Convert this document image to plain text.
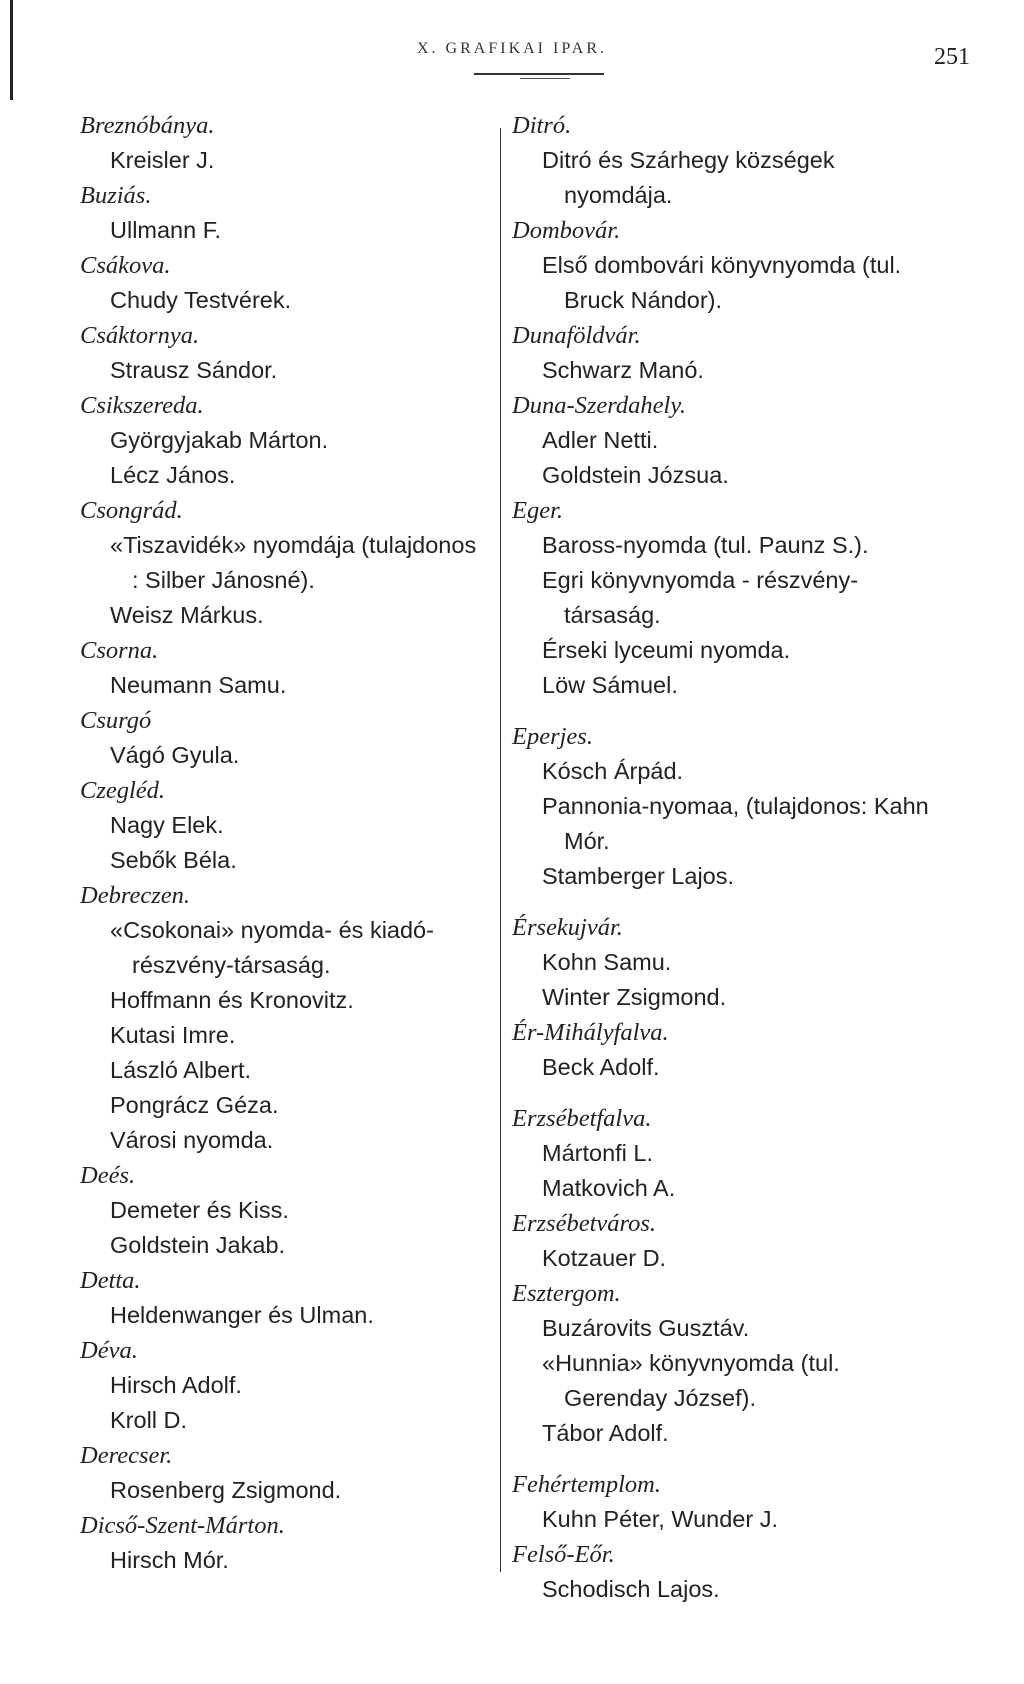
X. GRAFIKAI IPAR.	251
Breznóbánya.
Kreisler J.
Buziás.
Ullmann F.
Csákova.
Chudy Testvérek.
Csáktornya.
Strausz Sándor.
Csikszereda.
Györgyjakab Márton.
Lécz János.
Csongrád.
«Tiszavidék» nyomdája (tulajdonos : Silber Jánosné).
Weisz Márkus.
Csorna.
Neumann Samu.
Csurgó
Vágó Gyula.
Czegléd.
Nagy Elek.
Sebők Béla.
Debreczen.
«Csokonai» nyomda- és kiadó- részvény-társaság.
Hoffmann és Kronovitz.
Kutasi Imre.
László Albert.
Pongrácz Géza.
Városi nyomda.
Deés.
Demeter és Kiss.
Goldstein Jakab.
Detta.
Heldenwanger és Ulman.
Déva.
Hirsch Adolf.
Kroll D.
Derecser.
Rosenberg Zsigmond.
Dicső-Szent-Márton.
Hirsch Mór.
Ditró.
Ditró és Szárhegy községek nyomdája.
Dombovár.
Első dombovári könyvnyomda (tul. Bruck Nándor).
Dunaföldvár.
Schwarz Manó.
Duna-Szerdahely.
Adler Netti.
Goldstein Józsua.
Eger.
Baross-nyomda (tul. Paunz S.).
Egri könyvnyomda - részvény- társaság.
Érseki lyceumi nyomda.
Löw Sámuel.
Eperjes.
Kósch Árpád.
Pannonia-nyomaa, (tulajdonos: Kahn Mór.
Stamberger Lajos.
Érsekujvár.
Kohn Samu.
Winter Zsigmond.
Ér-Mihályfalva.
Beck Adolf.
Erzsébetfalva.
Mártonfi L.
Matkovich A.
Erzsébetváros.
Kotzauer D.
Esztergom.
Buzárovits Gusztáv.
«Hunnia» könyvnyomda (tul. Gerenday József).
Tábor Adolf.
Fehértemplom.
Kuhn Péter, Wunder J.
Felső-Eőr.
Schodisch Lajos.
